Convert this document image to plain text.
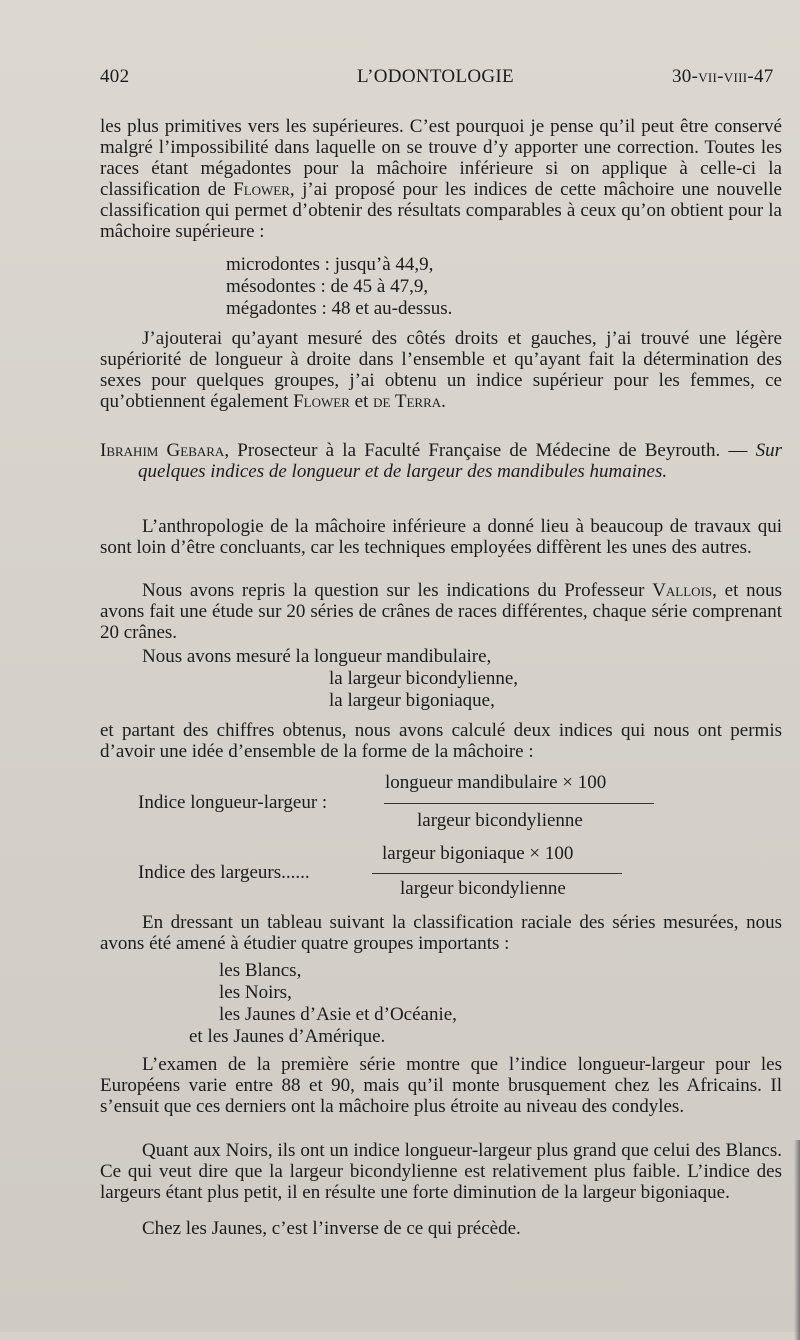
402	L’ODONTOLOGIE	30-vii-viii-47

les plus primitives vers les supérieures. C’est pourquoi je pense qu’il peut être conservé malgré l’impossibilité dans laquelle on se trouve d’y apporter une correction. Toutes les races étant mégadontes pour la mâchoire inférieure si on applique à celle-ci la classification de Flower, j’ai proposé pour les indices de cette mâchoire une nouvelle classification qui permet d’obtenir des résultats comparables à ceux qu’on obtient pour la mâchoire supérieure :

microdontes : jusqu’à 44,9,
mésodontes : de 45 à 47,9,
mégadontes : 48 et au-dessus.

J’ajouterai qu’ayant mesuré des côtés droits et gauches, j’ai trouvé une légère supériorité de longueur à droite dans l’ensemble et qu’ayant fait la détermination des sexes pour quelques groupes, j’ai obtenu un indice supérieur pour les femmes, ce qu’obtiennent également Flower et de Terra.

Ibrahim Gebara, Prosecteur à la Faculté Française de Médecine de Beyrouth. — Sur quelques indices de longueur et de largeur des mandibules humaines.

L’anthropologie de la mâchoire inférieure a donné lieu à beaucoup de travaux qui sont loin d’être concluants, car les techniques employées diffèrent les unes des autres.

Nous avons repris la question sur les indications du Professeur Vallois, et nous avons fait une étude sur 20 séries de crânes de races différentes, chaque série comprenant 20 crânes.

Nous avons mesuré la longueur mandibulaire,
la largeur bicondylienne,
la largeur bigoniaque,

et partant des chiffres obtenus, nous avons calculé deux indices qui nous ont permis d’avoir une idée d’ensemble de la forme de la mâchoire :

longueur mandibulaire × 100
Indice longueur-largeur :
largeur bicondylienne
largeur bigoniaque × 100
Indice des largeurs......
largeur bicondylienne

En dressant un tableau suivant la classification raciale des séries mesurées, nous avons été amené à étudier quatre groupes importants :

les Blancs,
les Noirs,
les Jaunes d’Asie et d’Océanie,
et les Jaunes d’Amérique.

L’examen de la première série montre que l’indice longueur-largeur pour les Européens varie entre 88 et 90, mais qu’il monte brusquement chez les Africains. Il s’ensuit que ces derniers ont la mâchoire plus étroite au niveau des condyles.

Quant aux Noirs, ils ont un indice longueur-largeur plus grand que celui des Blancs. Ce qui veut dire que la largeur bicondylienne est relativement plus faible. L’indice des largeurs étant plus petit, il en résulte une forte diminution de la largeur bigoniaque.

Chez les Jaunes, c’est l’inverse de ce qui précède.
